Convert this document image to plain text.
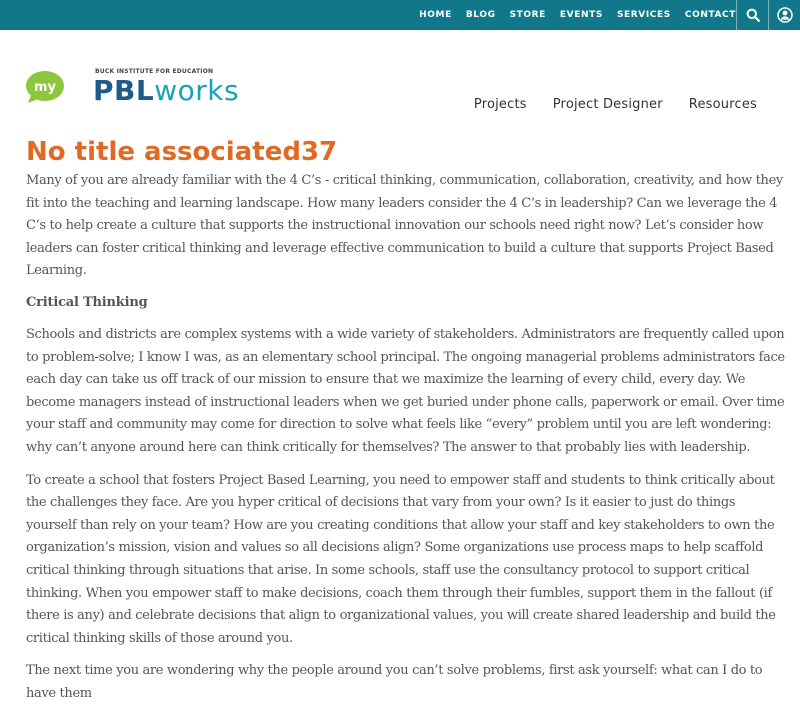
HOME BLOG STORE EVENTS SERVICES CONTACT
my
BUCK INSTITUTE FOR EDUCATION
PBLworks	Projects Project Designer Resources
No title associated37

Many of you are already familiar with the 4 C’s - critical thinking, communication, collaboration, creativity, and how they fit into the teaching and learning landscape. How many leaders consider the 4 C’s in leadership? Can we leverage the 4 C’s to help create a culture that supports the instructional innovation our schools need right now? Let’s consider how leaders can foster critical thinking and leverage effective communication to build a culture that supports Project Based Learning.

Critical Thinking

Schools and districts are complex systems with a wide variety of stakeholders. Administrators are frequently called upon to problem-solve; I know I was, as an elementary school principal. The ongoing managerial problems administrators face each day can take us off track of our mission to ensure that we maximize the learning of every child, every day. We become managers instead of instructional leaders when we get buried under phone calls, paperwork or email. Over time your staff and community may come for direction to solve what feels like “every” problem until you are left wondering: why can’t anyone around here can think critically for themselves? The answer to that probably lies with leadership.

To create a school that fosters Project Based Learning, you need to empower staff and students to think critically about the challenges they face. Are you hyper critical of decisions that vary from your own? Is it easier to just do things yourself than rely on your team? How are you creating conditions that allow your staff and key stakeholders to own the organization’s mission, vision and values so all decisions align? Some organizations use process maps to help scaffold critical thinking through situations that arise. In some schools, staff use the consultancy protocol to support critical thinking. When you empower staff to make decisions, coach them through their fumbles, support them in the fallout (if there is any) and celebrate decisions that align to organizational values, you will create shared leadership and build the critical thinking skills of those around you.

The next time you are wondering why the people around you can’t solve problems, first ask yourself: what can I do to have them
